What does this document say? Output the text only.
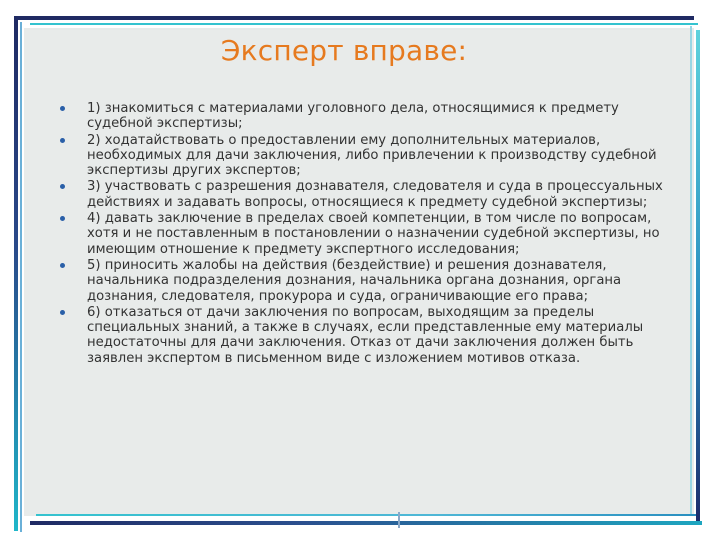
Эксперт вправе:
1) знакомиться с материалами уголовного дела, относящимися к предмету судебной экспертизы;
2) ходатайствовать о предоставлении ему дополнительных материалов, необходимых для дачи заключения, либо привлечении к производству судебной экспертизы других экспертов;
3) участвовать с разрешения дознавателя, следователя и суда в процессуальных действиях и задавать вопросы, относящиеся к предмету судебной экспертизы;
4) давать заключение в пределах своей компетенции, в том числе по вопросам, хотя и не поставленным в постановлении о назначении судебной экспертизы, но имеющим отношение к предмету экспертного исследования;
5) приносить жалобы на действия (бездействие) и решения дознавателя, начальника подразделения дознания, начальника органа дознания, органа дознания, следователя, прокурора и суда, ограничивающие его права;
6) отказаться от дачи заключения по вопросам, выходящим за пределы специальных знаний, а также в случаях, если представленные ему материалы недостаточны для дачи заключения. Отказ от дачи заключения должен быть заявлен экспертом в письменном виде с изложением мотивов отказа.
